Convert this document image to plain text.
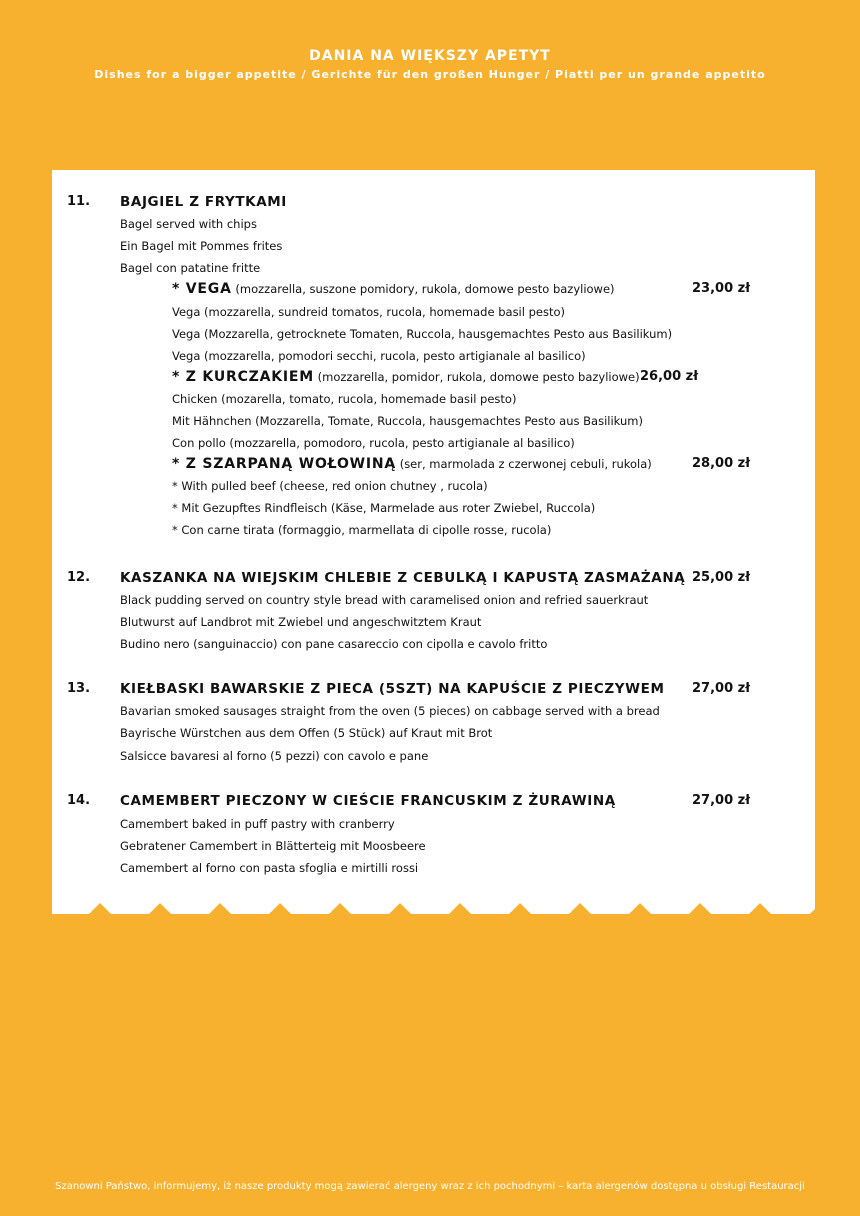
DANIA NA WIĘKSZY APETYT
Dishes for a bigger appetite / Gerichte für den großen Hunger / Piatti per un grande appetito
11. BAJGIEL Z FRYTKAMI
Bagel served with chips
Ein Bagel mit Pommes frites
Bagel con patatine fritte
* VEGA (mozzarella, suszone pomidory, rukola, domowe pesto bazyliowe)	23,00 zł
Vega (mozzarella, sundreid tomatos, rucola, homemade basil pesto)
Vega (Mozzarella, getrocknete Tomaten, Ruccola, hausgemachtes Pesto aus Basilikum)
Vega (mozzarella, pomodori secchi, rucola, pesto artigianale al basilico)
* Z KURCZAKIEM (mozzarella, pomidor, rukola, domowe pesto bazyliowe) 26,00 zł
Chicken (mozarella, tomato, rucola, homemade basil pesto)
Mit Hähnchen (Mozzarella, Tomate, Ruccola, hausgemachtes Pesto aus Basilikum)
Con pollo (mozzarella, pomodoro, rucola, pesto artigianale al basilico)
* Z SZARPANĄ WOŁOWINĄ (ser, marmolada z czerwonej cebuli, rukola)	28,00 zł
* With pulled beef (cheese, red onion chutney , rucola)
* Mit Gezupftes Rindfleisch (Käse, Marmelade aus roter Zwiebel, Ruccola)
* Con carne tirata (formaggio, marmellata di cipolle rosse, rucola)
12. KASZANKA NA WIEJSKIM CHLEBIE Z CEBULKĄ I KAPUSTĄ ZASMAŻANĄ 25,00 zł
Black pudding served on country style bread with caramelised onion and refried sauerkraut
Blutwurst auf Landbrot mit Zwiebel und angeschwitztem Kraut
Budino nero (sanguinaccio) con pane casareccio con cipolla e cavolo fritto
13. KIEŁBASKI BAWARSKIE Z PIECA (5SZT) NA KAPUŚCIE Z PIECZYWEM 27,00 zł
Bavarian smoked sausages straight from the oven (5 pieces) on cabbage served with a bread
Bayrische Würstchen aus dem Offen (5 Stück) auf Kraut mit Brot
Salsicce bavaresi al forno (5 pezzi) con cavolo e pane
14. CAMEMBERT PIECZONY W CIEŚCIE FRANCUSKIM Z ŻURAWINĄ	27,00 zł
Camembert baked in puff pastry with cranberry
Gebratener Camembert in Blätterteig mit Moosbeere
Camembert al forno con pasta sfoglia e mirtilli rossi
Szanowni Państwo, informujemy, iż nasze produkty mogą zawierać alergeny wraz z ich pochodnymi – karta alergenów dostępna u obsługi Restauracji
